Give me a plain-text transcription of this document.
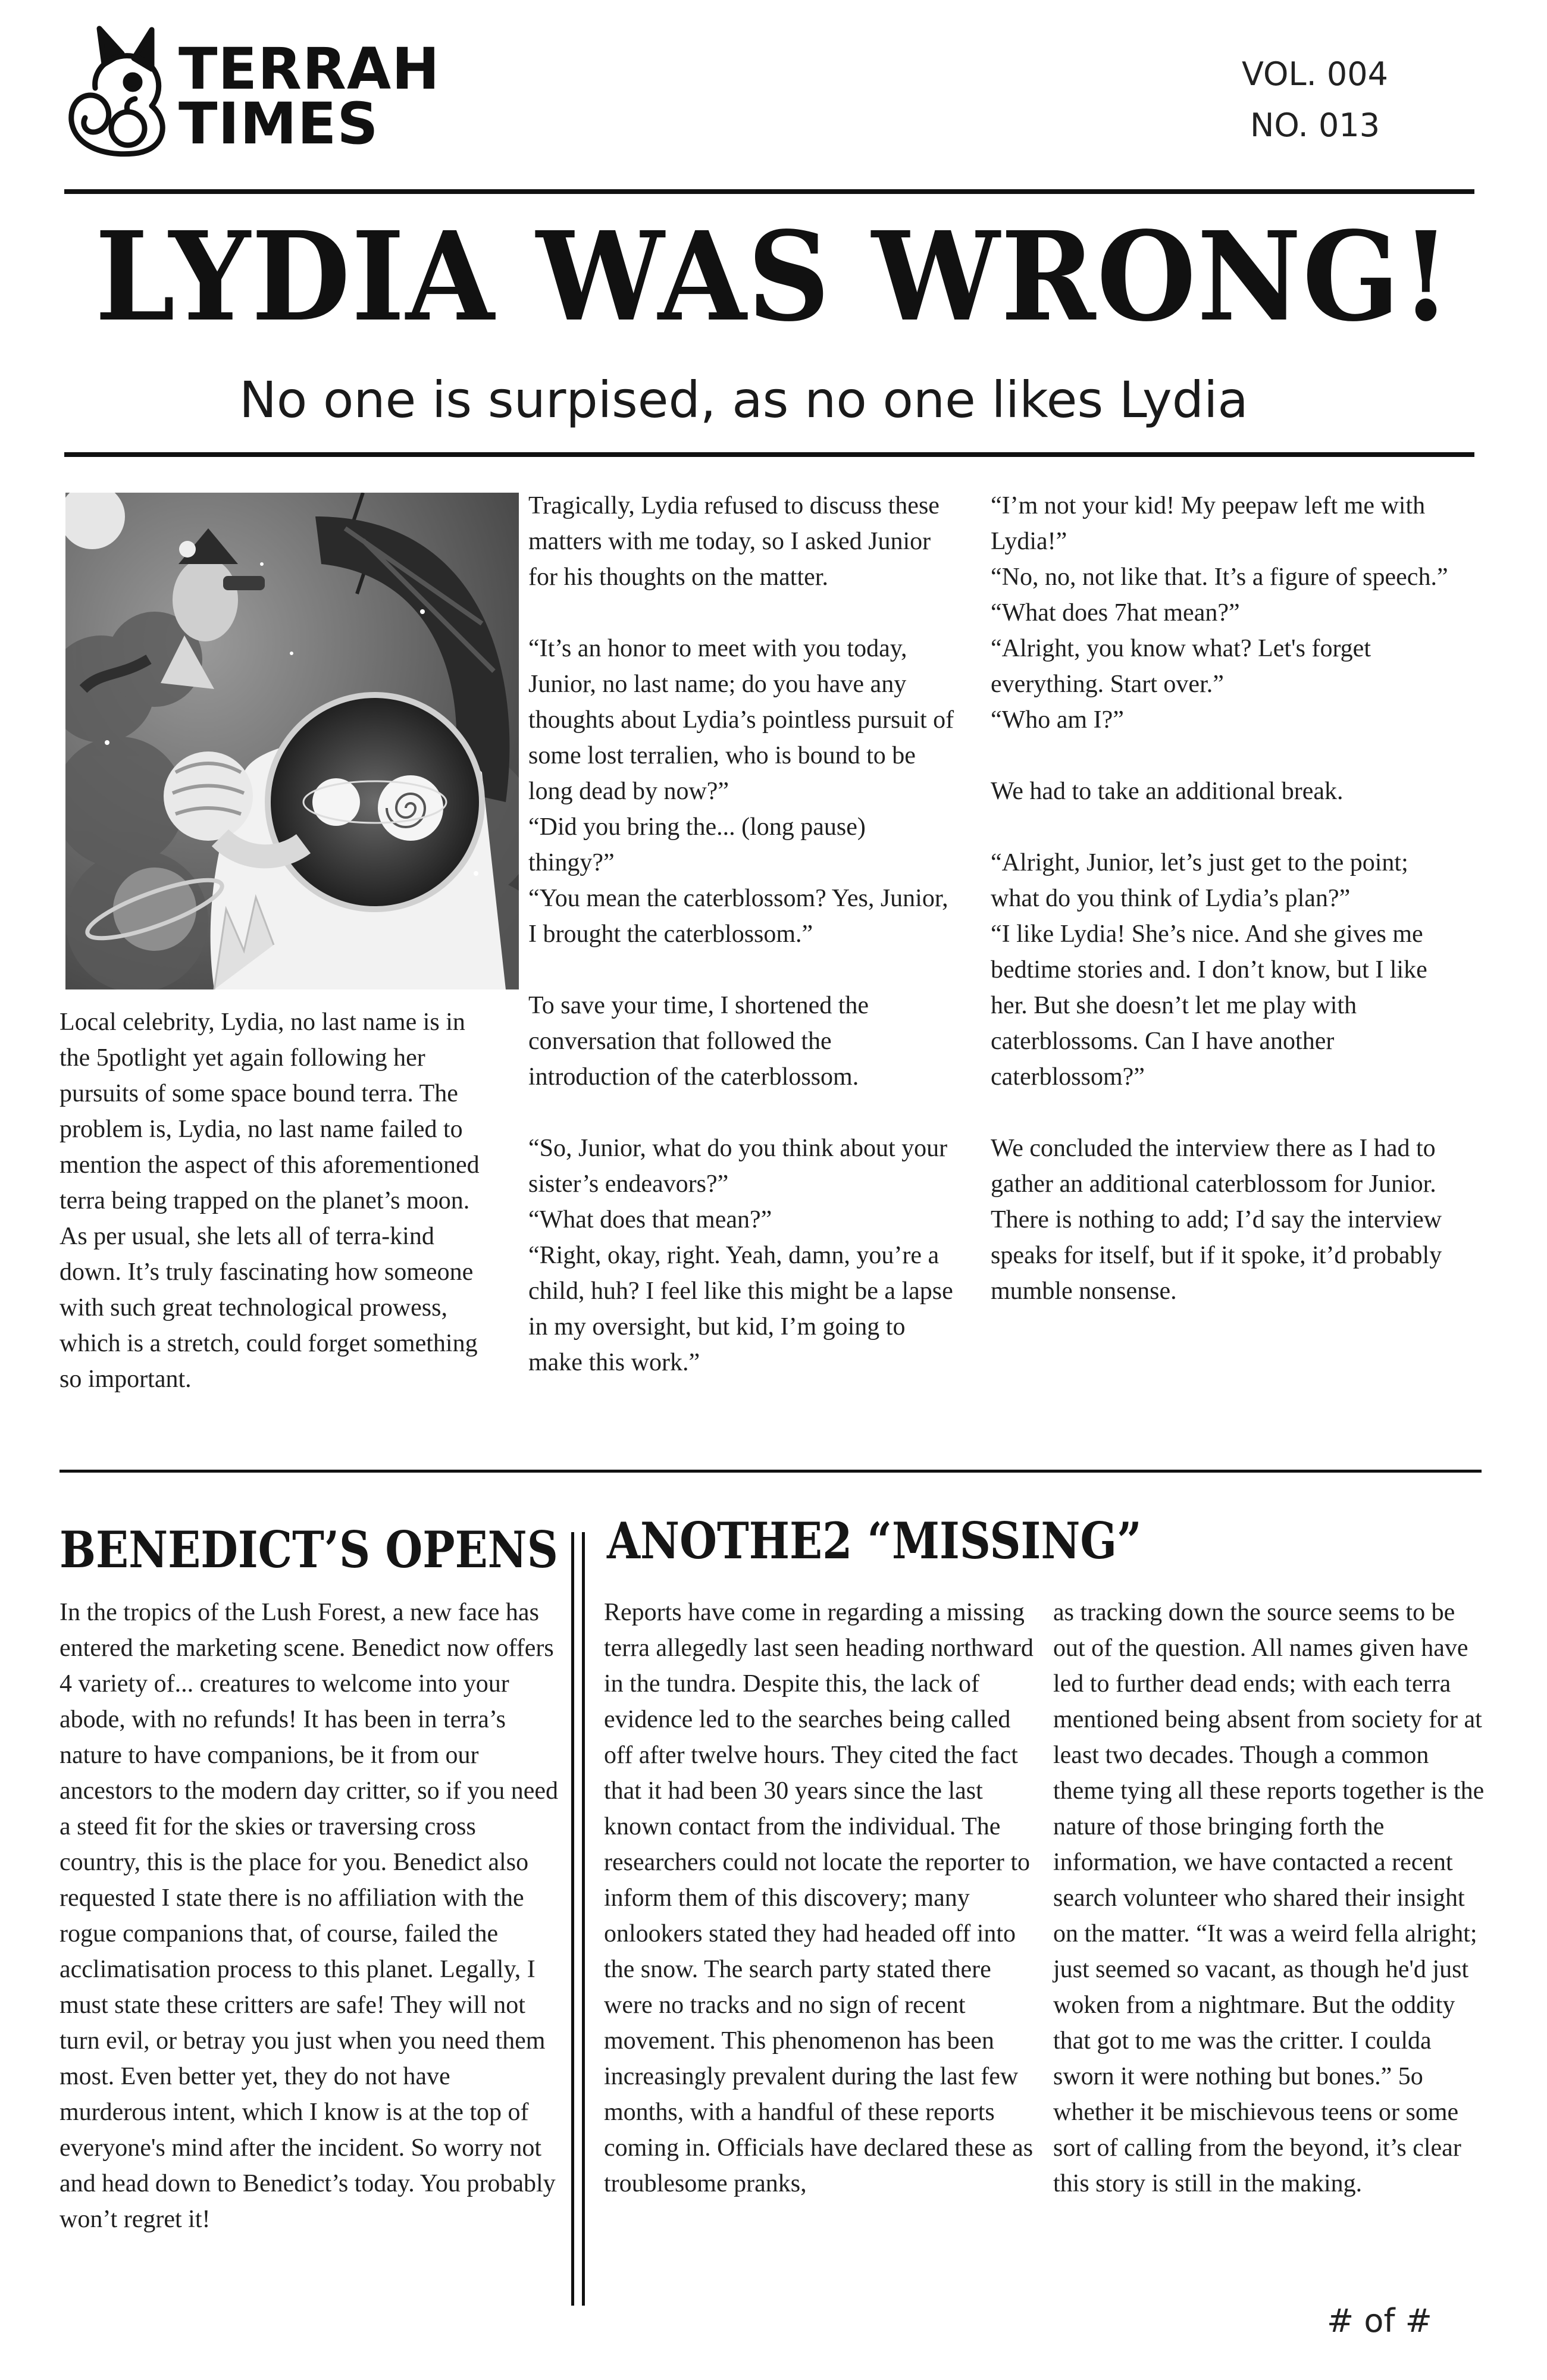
TERRAH
TIMES
VOL. 004
NO. 013
LYDIA WAS WRONG!
No one is surpised, as no one likes Lydia

Local celebrity, Lydia, no last name is in the 5potlight yet again following her pursuits of some space bound terra. The problem is, Lydia, no last name failed to mention the aspect of this aforementioned terra being trapped on the planet’s moon. As per usual, she lets all of terra-kind down. It’s truly fascinating how someone with such great technological prowess, which is a stretch, could forget something so important.

Tragically, Lydia refused to discuss these matters with me today, so I asked Junior for his thoughts on the matter.

“It’s an honor to meet with you today, Junior, no last name; do you have any thoughts about Lydia’s pointless pursuit of some lost terralien, who is bound to be long dead by now?”

“Did you bring the... (long pause) thingy?”

“You mean the caterblossom? Yes, Junior, I brought the caterblossom.”

To save your time, I shortened the conversation that followed the introduction of the caterblossom.

“So, Junior, what do you think about your sister’s endeavors?”

“What does that mean?”

“Right, okay, right. Yeah, damn, you’re a child, huh? I feel like this might be a lapse in my oversight, but kid, I’m going to make this work.”

“I’m not your kid! My peepaw left me with Lydia!”

“No, no, not like that. It’s a figure of speech.”

“What does 7hat mean?”

“Alright, you know what? Let's forget everything. Start over.”

“Who am I?”

We had to take an additional break.

“Alright, Junior, let’s just get to the point; what do you think of Lydia’s plan?”

“I like Lydia! She’s nice. And she gives me bedtime stories and. I don’t know, but I like her. But she doesn’t let me play with caterblossoms. Can I have another caterblossom?”

We concluded the interview there as I had to gather an additional caterblossom for Junior. There is nothing to add; I’d say the interview speaks for itself, but if it spoke, it’d probably mumble nonsense.

BENEDICT’S OPENS

In the tropics of the Lush Forest, a new face has entered the marketing scene. Benedict now offers 4 variety of... creatures to welcome into your abode, with no refunds! It has been in terra’s nature to have companions, be it from our ancestors to the modern day critter, so if you need a steed fit for the skies or traversing cross country, this is the place for you. Benedict also requested I state there is no affiliation with the rogue companions that, of course, failed the acclimatisation process to this planet. Legally, I must state these critters are safe! They will not turn evil, or betray you just when you need them most. Even better yet, they do not have murderous intent, which I know is at the top of everyone's mind after the incident. So worry not and head down to Benedict’s today. You probably won’t regret it!

ANOTHE2 “MISSING”

Reports have come in regarding a missing terra allegedly last seen heading northward in the tundra. Despite this, the lack of evidence led to the searches being called off after twelve hours. They cited the fact that it had been 30 years since the last known contact from the individual. The researchers could not locate the reporter to inform them of this discovery; many onlookers stated they had headed off into the snow. The search party stated there were no tracks and no sign of recent movement. This phenomenon has been increasingly prevalent during the last few months, with a handful of these reports coming in. Officials have declared these as troublesome pranks,

as tracking down the source seems to be out of the question. All names given have led to further dead ends; with each terra mentioned being absent from society for at least two decades. Though a common theme tying all these reports together is the nature of those bringing forth the information, we have contacted a recent search volunteer who shared their insight on the matter. “It was a weird fella alright; just seemed so vacant, as though he'd just woken from a nightmare. But the oddity that got to me was the critter. I coulda sworn it were nothing but bones.” 5o whether it be mischievous teens or some sort of calling from the beyond, it’s clear this story is still in the making.

# of #
